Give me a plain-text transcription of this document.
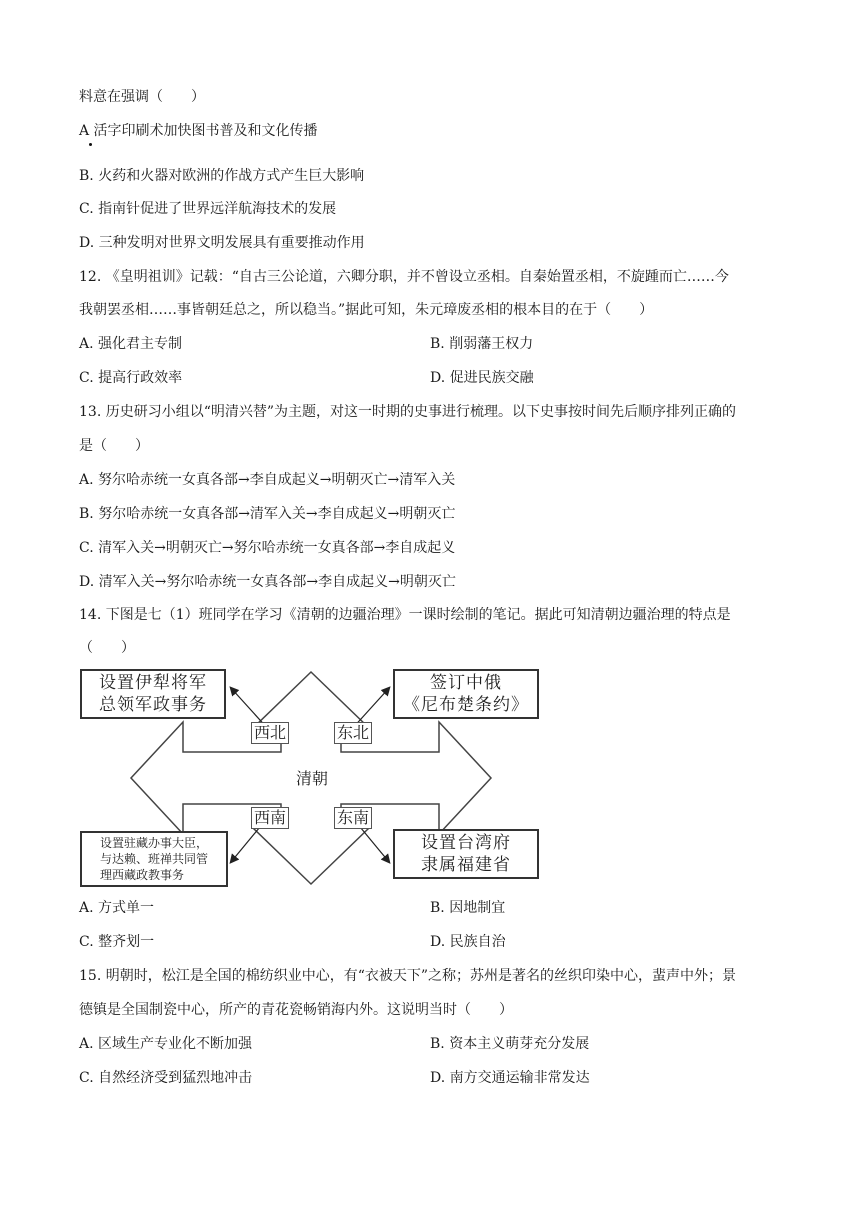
料意在强调（　　）
A 活字印刷术加快图书普及和文化传播
B. 火药和火器对欧洲的作战方式产生巨大影响
C. 指南针促进了世界远洋航海技术的发展
D. 三种发明对世界文明发展具有重要推动作用
12. 《皇明祖训》记载：“自古三公论道，六卿分职，并不曾设立丞相。自秦始置丞相，不旋踵而亡……今
我朝罢丞相……事皆朝廷总之，所以稳当。”据此可知，朱元璋废丞相的根本目的在于（　　）
A. 强化君主专制	B. 削弱藩王权力
C. 提高行政效率	D. 促进民族交融
13. 历史研习小组以“明清兴替”为主题，对这一时期的史事进行梳理。以下史事按时间先后顺序排列正确的
是（　　）
A. 努尔哈赤统一女真各部→李自成起义→明朝灭亡→清军入关
B. 努尔哈赤统一女真各部→清军入关→李自成起义→明朝灭亡
C. 清军入关→明朝灭亡→努尔哈赤统一女真各部→李自成起义
D. 清军入关→努尔哈赤统一女真各部→李自成起义→明朝灭亡
14. 下图是七（1）班同学在学习《清朝的边疆治理》一课时绘制的笔记。据此可知清朝边疆治理的特点是
（　　）
设置伊犁将军
总领军政事务
签订中俄
《尼布楚条约》
设置驻藏办事大臣，
与达赖、班禅共同管
理西藏政教事务
设置台湾府
隶属福建省
西北	东北
西南	东南
清朝
A. 方式单一	B. 因地制宜
C. 整齐划一	D. 民族自治
15. 明朝时，松江是全国的棉纺织业中心，有“衣被天下”之称；苏州是著名的丝织印染中心，蜚声中外；景
德镇是全国制瓷中心，所产的青花瓷畅销海内外。这说明当时（　　）
A. 区域生产专业化不断加强	B. 资本主义萌芽充分发展
C. 自然经济受到猛烈地冲击	D. 南方交通运输非常发达
